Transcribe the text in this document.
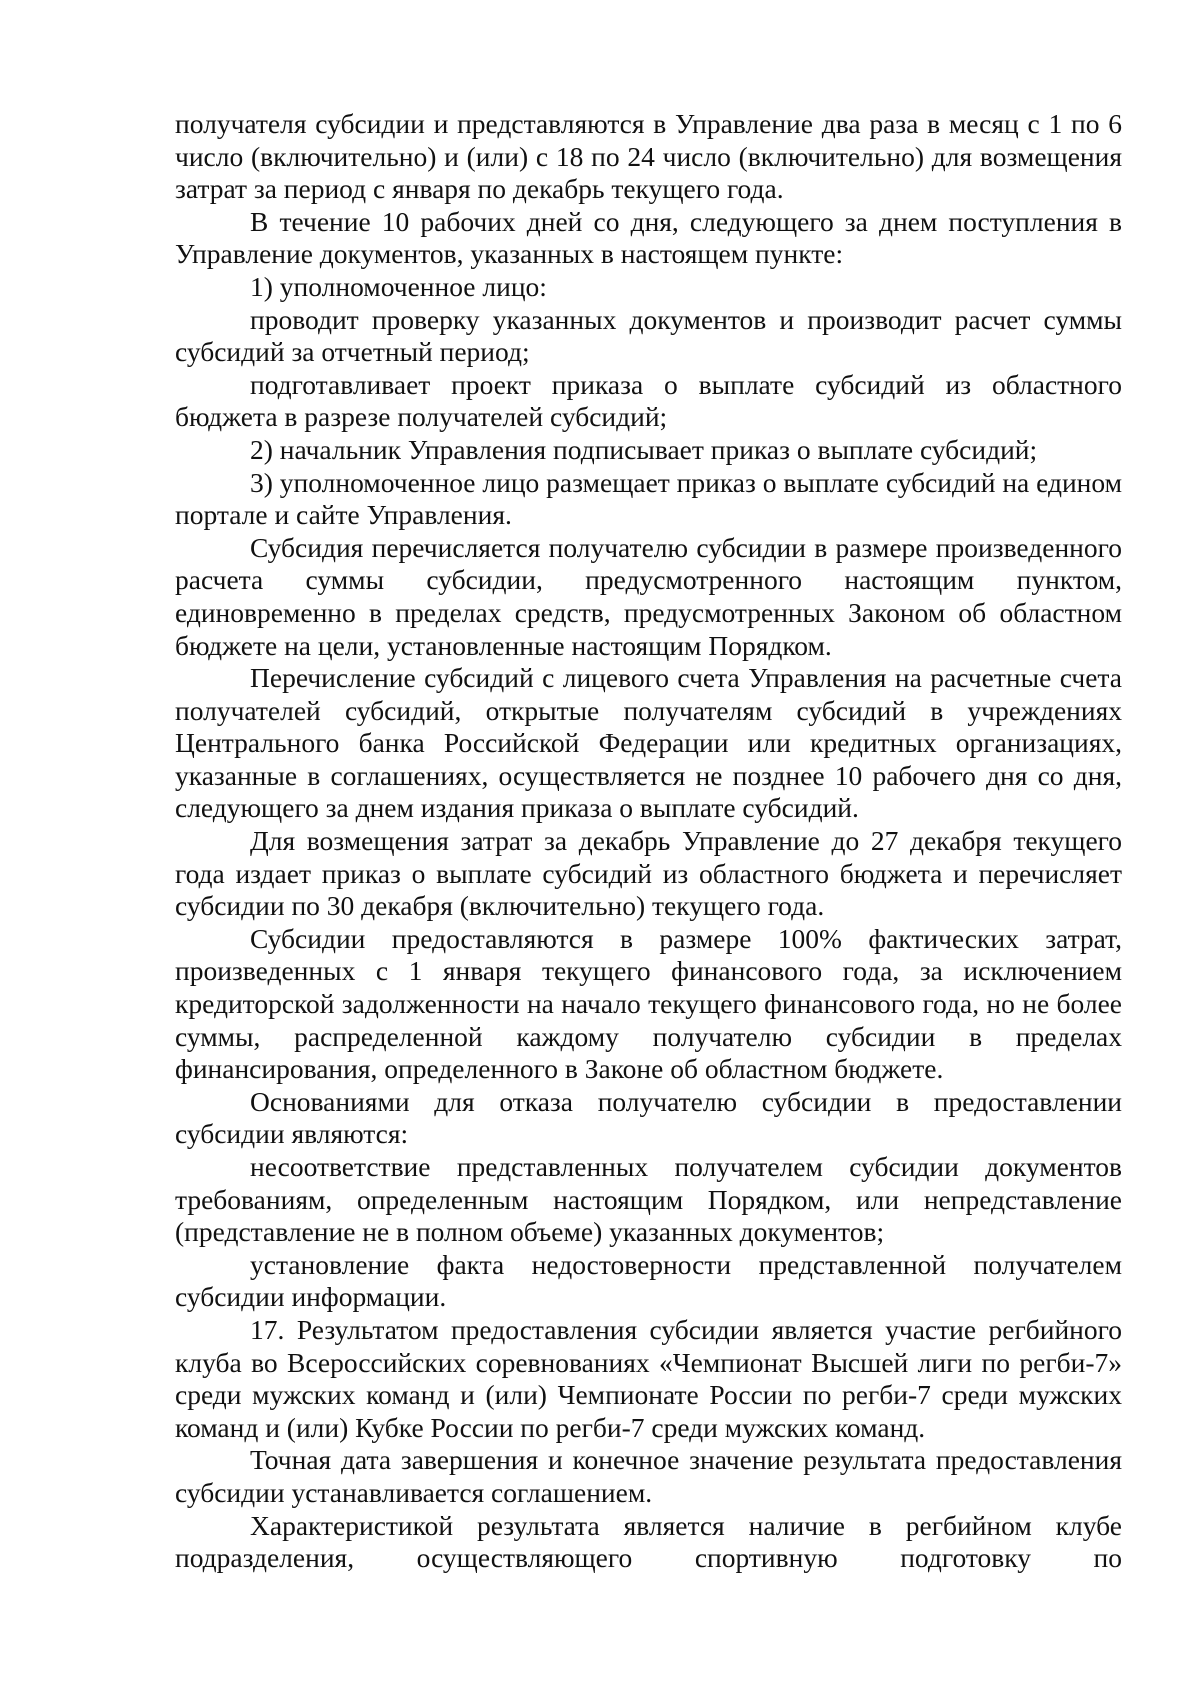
получателя субсидии и представляются в Управление два раза в месяц с 1 по 6 число (включительно) и (или) с 18 по 24 число (включительно) для возмещения затрат за период с января по декабрь текущего года.

В течение 10 рабочих дней со дня, следующего за днем поступления в Управление документов, указанных в настоящем пункте:

1) уполномоченное лицо:

проводит проверку указанных документов и производит расчет суммы субсидий за отчетный период;

подготавливает проект приказа о выплате субсидий из областного бюджета в разрезе получателей субсидий;

2) начальник Управления подписывает приказ о выплате субсидий;

3) уполномоченное лицо размещает приказ о выплате субсидий на едином портале и сайте Управления.

Субсидия перечисляется получателю субсидии в размере произведенного расчета суммы субсидии, предусмотренного настоящим пунктом, единовременно в пределах средств, предусмотренных Законом об областном бюджете на цели, установленные настоящим Порядком.

Перечисление субсидий с лицевого счета Управления на расчетные счета получателей субсидий, открытые получателям субсидий в учреждениях Центрального банка Российской Федерации или кредитных организациях, указанные в соглашениях, осуществляется не позднее 10 рабочего дня со дня, следующего за днем издания приказа о выплате субсидий.

Для возмещения затрат за декабрь Управление до 27 декабря текущего года издает приказ о выплате субсидий из областного бюджета и перечисляет субсидии по 30 декабря (включительно) текущего года.

Субсидии предоставляются в размере 100% фактических затрат, произведенных с 1 января текущего финансового года, за исключением кредиторской задолженности на начало текущего финансового года, но не более суммы, распределенной каждому получателю субсидии в пределах финансирования, определенного в Законе об областном бюджете.

Основаниями для отказа получателю субсидии в предоставлении субсидии являются:

несоответствие представленных получателем субсидии документов требованиям, определенным настоящим Порядком, или непредставление (представление не в полном объеме) указанных документов;

установление факта недостоверности представленной получателем субсидии информации.

17. Результатом предоставления субсидии является участие регбийного клуба во Всероссийских соревнованиях «Чемпионат Высшей лиги по регби-7» среди мужских команд и (или) Чемпионате России по регби-7 среди мужских команд и (или) Кубке России по регби-7 среди мужских команд.

Точная дата завершения и конечное значение результата предоставления субсидии устанавливается соглашением.

Характеристикой результата является наличие в регбийном клубе подразделения, осуществляющего спортивную подготовку по
